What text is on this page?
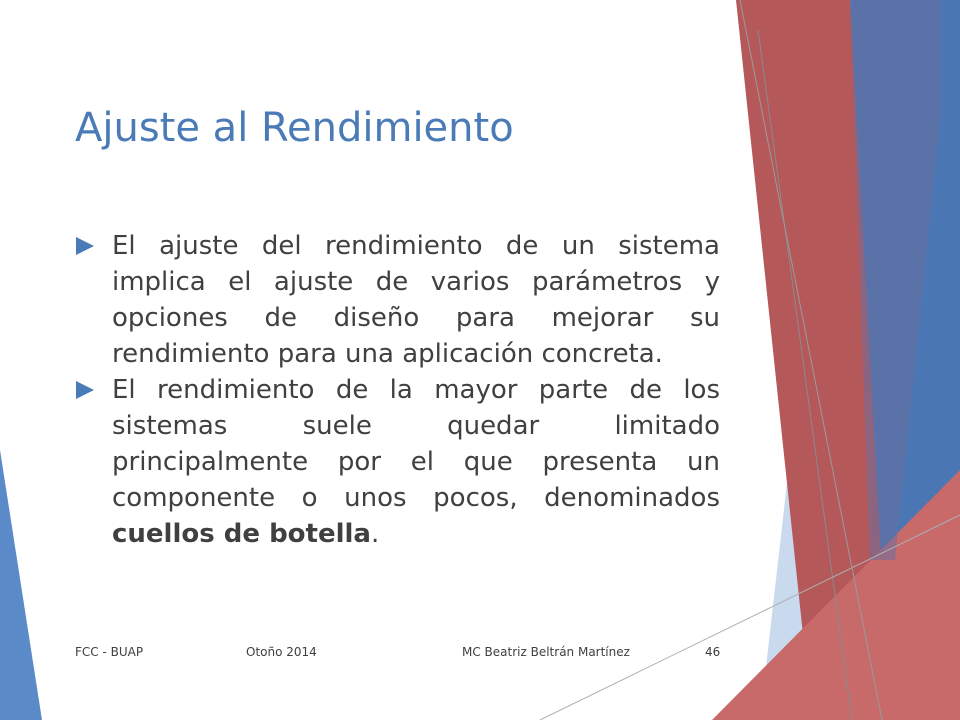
Ajuste al Rendimiento
El ajuste del rendimiento de un sistema implica el ajuste de varios parámetros y opciones de diseño para mejorar su rendimiento para una aplicación concreta.
El rendimiento de la mayor parte de los sistemas suele quedar limitado principalmente por el que presenta un componente o unos pocos, denominados cuellos de botella.
FCC - BUAP	Otoño 2014	MC Beatriz Beltrán Martínez	46
